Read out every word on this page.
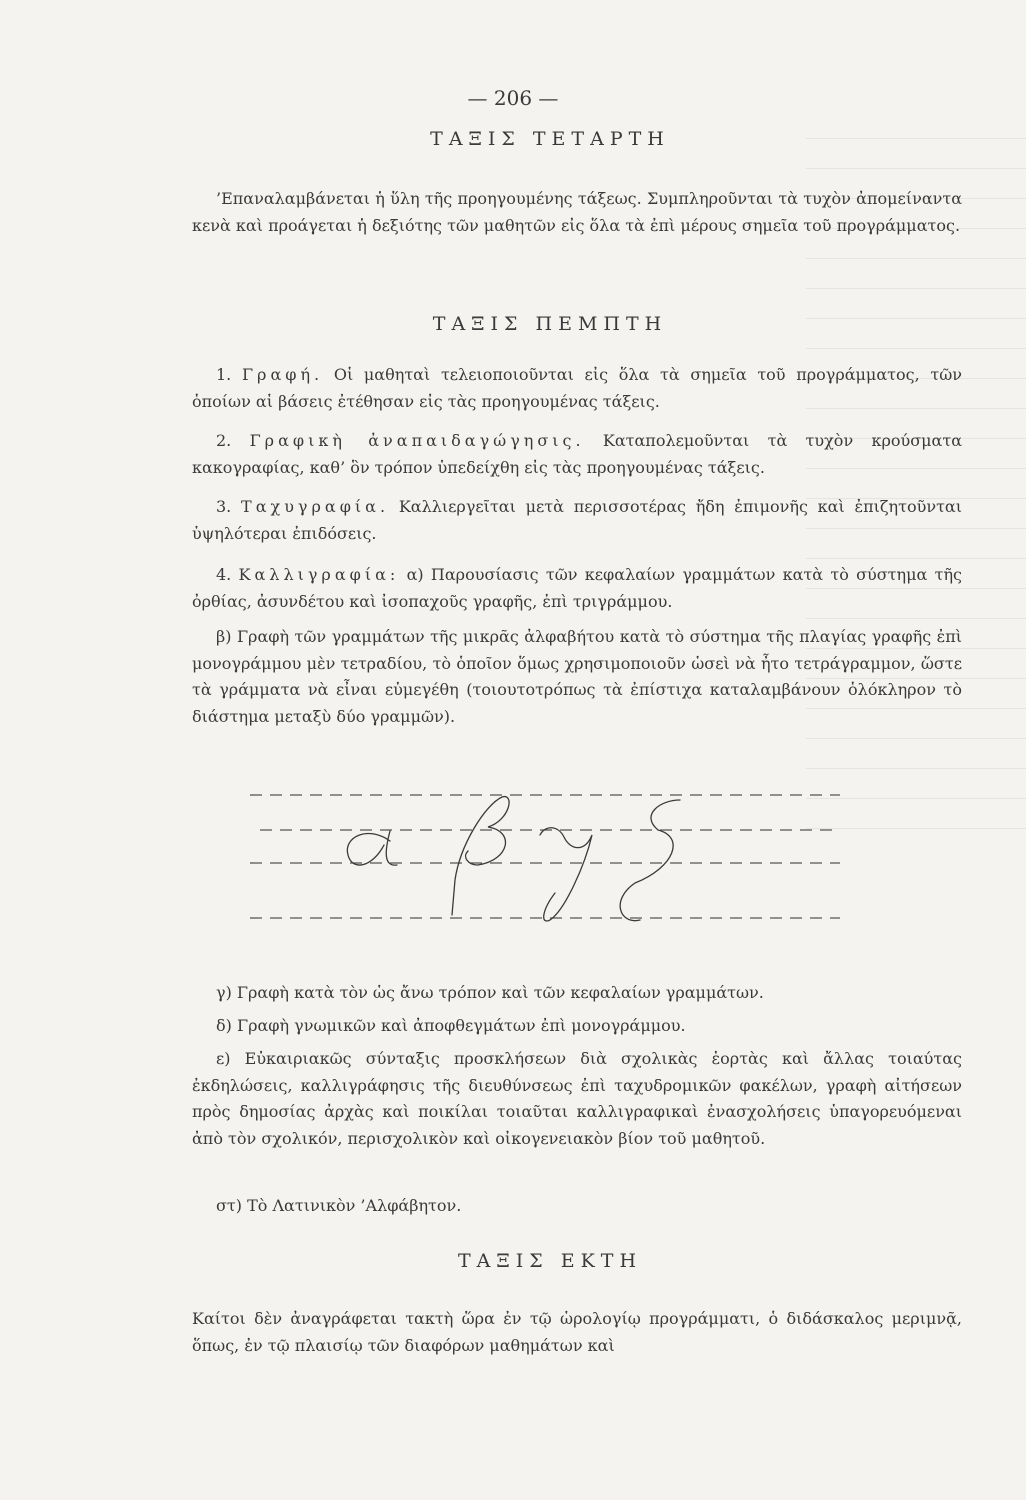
— 206 —
ΤΑΞΙΣ ΤΕΤΑΡΤΗ
’Επαναλαμβάνεται ἡ ὕλη τῆς προηγουμένης τάξεως. Συμπληροῦνται τὰ τυχὸν ἀπομείναντα κενὰ καὶ προάγεται ἡ δεξιότης τῶν μαθητῶν εἰς ὅλα τὰ ἐπὶ μέρους σημεῖα τοῦ προγράμματος.
ΤΑΞΙΣ ΠΕΜΠΤΗ
1. Γραφή. Οἱ μαθηταὶ τελειοποιοῦνται εἰς ὅλα τὰ σημεῖα τοῦ προγράμματος, τῶν ὁποίων αἱ βάσεις ἐτέθησαν εἰς τὰς προηγουμένας τάξεις.
2. Γραφικὴ ἀναπαιδαγώγησις. Καταπολεμοῦνται τὰ τυχὸν κρούσματα κακογραφίας, καθ’ ὃν τρόπον ὑπεδείχθη εἰς τὰς προηγουμένας τάξεις.
3. Ταχυγραφία. Καλλιεργεῖται μετὰ περισσοτέρας ἤδη ἐπιμονῆς καὶ ἐπιζητοῦνται ὑψηλότεραι ἐπιδόσεις.
4. Καλλιγραφία: α) Παρουσίασις τῶν κεφαλαίων γραμμάτων κατὰ τὸ σύστημα τῆς ὀρθίας, ἀσυνδέτου καὶ ἰσοπαχοῦς γραφῆς, ἐπὶ τριγράμμου.
β) Γραφὴ τῶν γραμμάτων τῆς μικρᾶς ἀλφαβήτου κατὰ τὸ σύστημα τῆς πλαγίας γραφῆς ἐπὶ μονογράμμου μὲν τετραδίου, τὸ ὁποῖον ὅμως χρησιμοποιοῦν ὡσεὶ νὰ ἦτο τετράγραμμον, ὥστε τὰ γράμματα νὰ εἶναι εὐμεγέθη (τοιουτοτρόπως τὰ ἐπίστιχα καταλαμβάνουν ὁλόκληρον τὸ διάστημα μεταξὺ δύο γραμμῶν).
γ) Γραφὴ κατὰ τὸν ὡς ἄνω τρόπον καὶ τῶν κεφαλαίων γραμμάτων.
δ) Γραφὴ γνωμικῶν καὶ ἀποφθεγμάτων ἐπὶ μονογράμμου.
ε) Εὐκαιριακῶς σύνταξις προσκλήσεων διὰ σχολικὰς ἑορτὰς καὶ ἄλλας τοιαύτας ἐκδηλώσεις, καλλιγράφησις τῆς διευθύνσεως ἐπὶ ταχυδρομικῶν φακέλων, γραφὴ αἰτήσεων πρὸς δημοσίας ἀρχὰς καὶ ποικίλαι τοιαῦται καλλιγραφικαὶ ἐνασχολήσεις ὑπαγορευόμεναι ἀπὸ τὸν σχολικόν, περισχολικὸν καὶ οἰκογενειακὸν βίον τοῦ μαθητοῦ.
στ) Τὸ Λατινικὸν ’Αλφάβητον.
ΤΑΞΙΣ ΕΚΤΗ
Καίτοι δὲν ἀναγράφεται τακτὴ ὥρα ἐν τῷ ὡρολογίῳ προγράμματι, ὁ διδάσκαλος μεριμνᾷ, ὅπως, ἐν τῷ πλαισίῳ τῶν διαφόρων μαθημάτων καὶ
